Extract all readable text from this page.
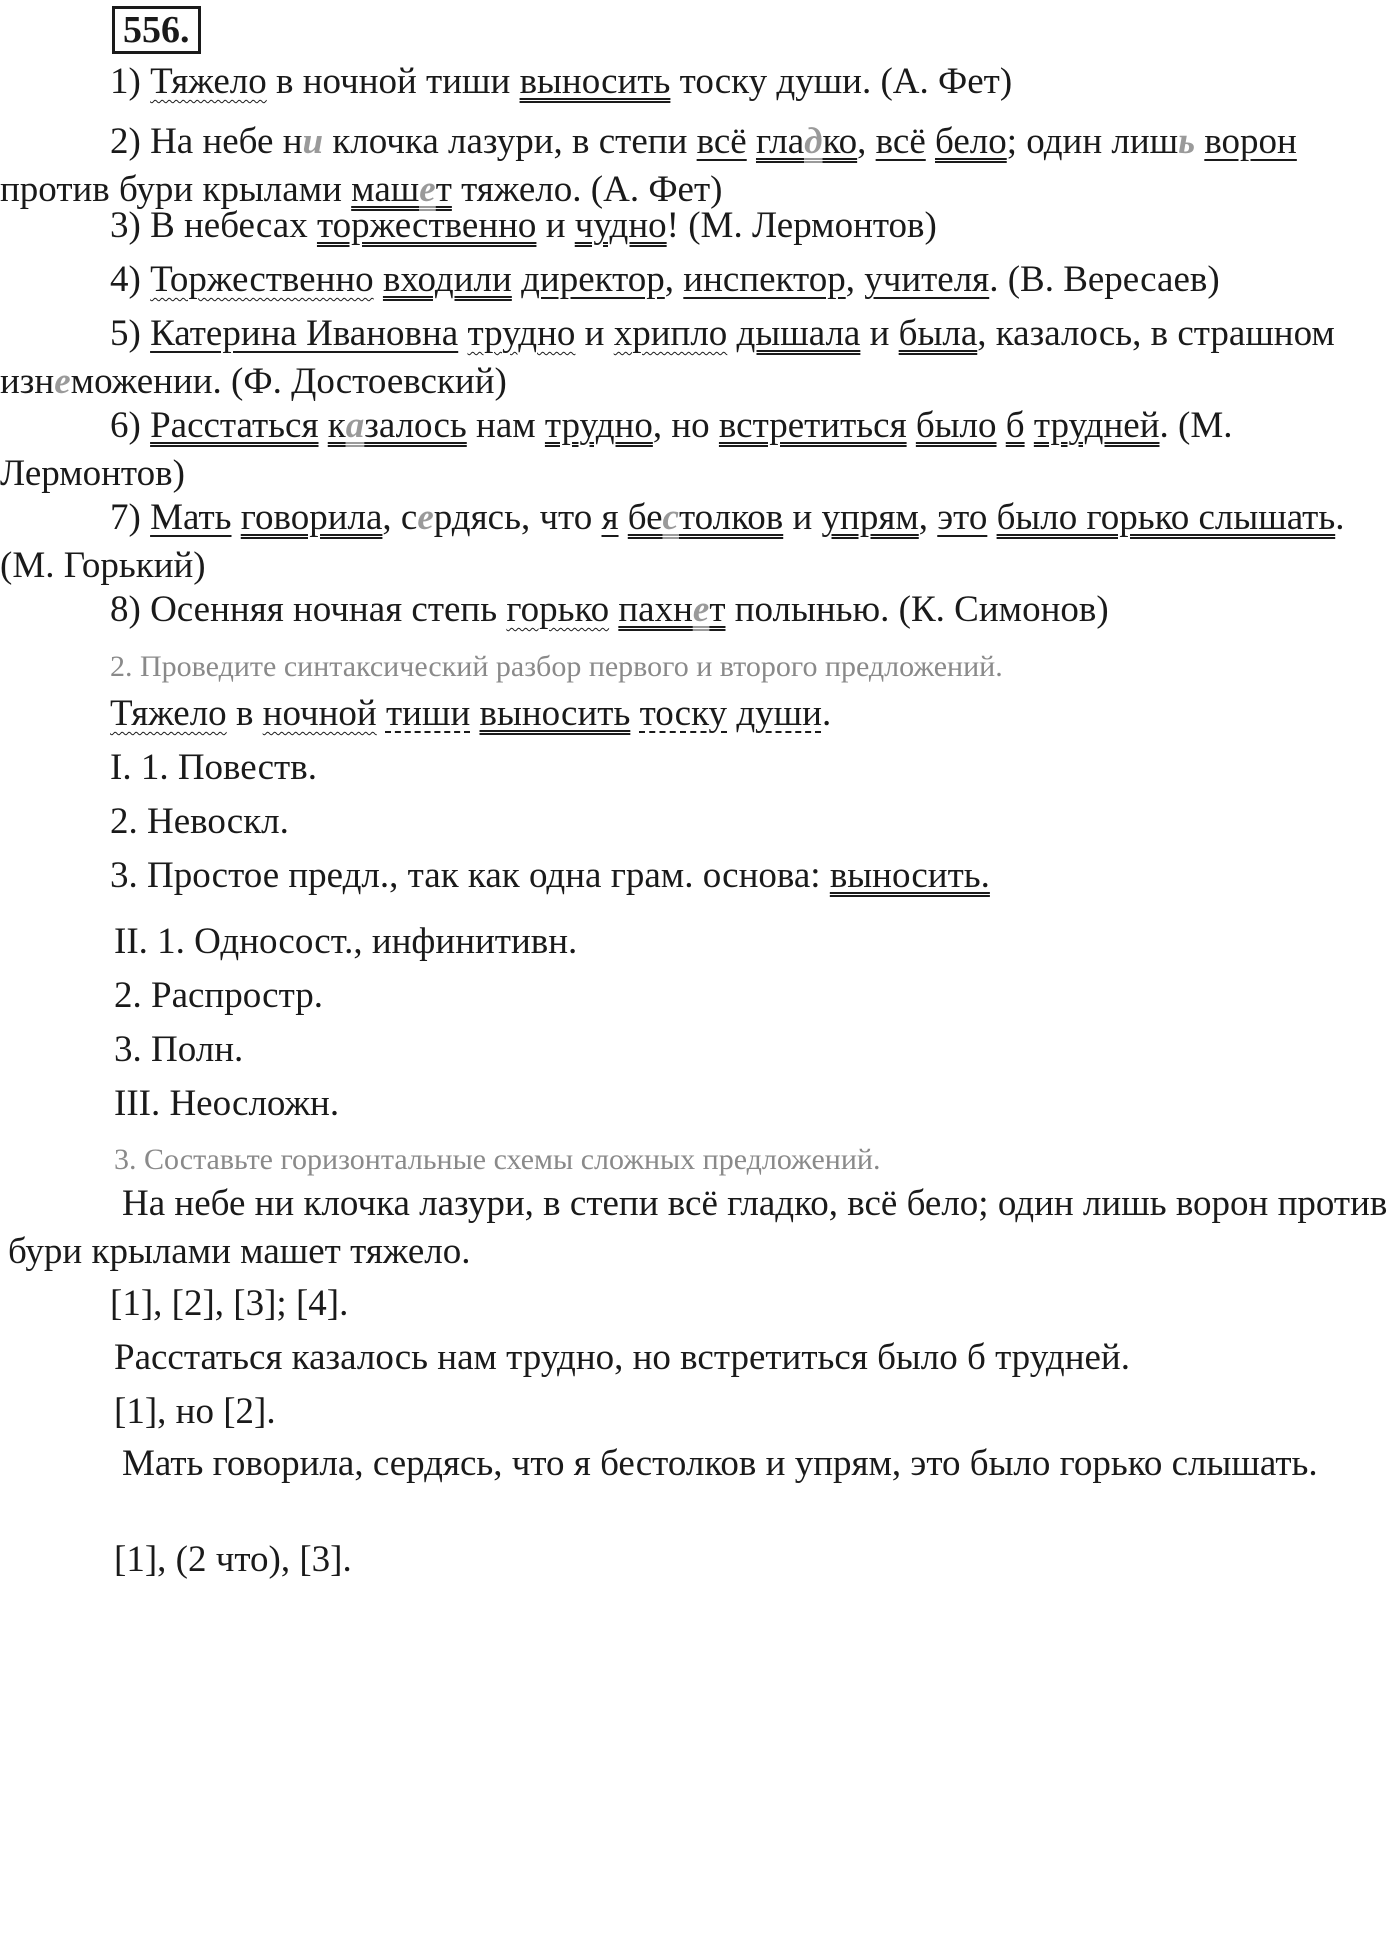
556.

1) Тяжело в ночной тиши выносить тоску души. (А. Фет)

2) На небе ни клочка лазури, в степи всё гладко, всё бело; один лишь ворон против бури крылами машет тяжело. (А. Фет)

3) В небесах торжественно и чудно! (М. Лермонтов)

4) Торжественно входили директор, инспектор, учителя. (В. Вересаев)

5) Катерина Ивановна трудно и хрипло дышала и была, казалось, в страшном изнеможении. (Ф. Достоевский)

6) Расстаться казалось нам трудно, но встретиться было б трудней. (М. Лермонтов)

7) Мать говорила, сердясь, что я бестолков и упрям, это было горько слышать. (М. Горький)

8) Осенняя ночная степь горько пахнет полынью. (К. Симонов)

2. Проведите синтаксический разбор первого и второго предложений.

Тяжело в ночной тиши выносить тоску души.

I. 1. Повеств.

2. Невоскл.

3. Простое предл., так как одна грам. основа: выносить.

II. 1. Односост., инфинитивн.

2. Распростр.

3. Полн.

III. Неосложн.

3. Составьте горизонтальные схемы сложных предложений.

На небе ни клочка лазури, в степи всё гладко, всё бело; один лишь ворон против бури крылами машет тяжело.

[1], [2], [3]; [4].

Расстаться казалось нам трудно, но встретиться было б трудней.

[1], но [2].

Мать говорила, сердясь, что я бестолков и упрям, это было горько слышать.

[1], (2 что), [3].
